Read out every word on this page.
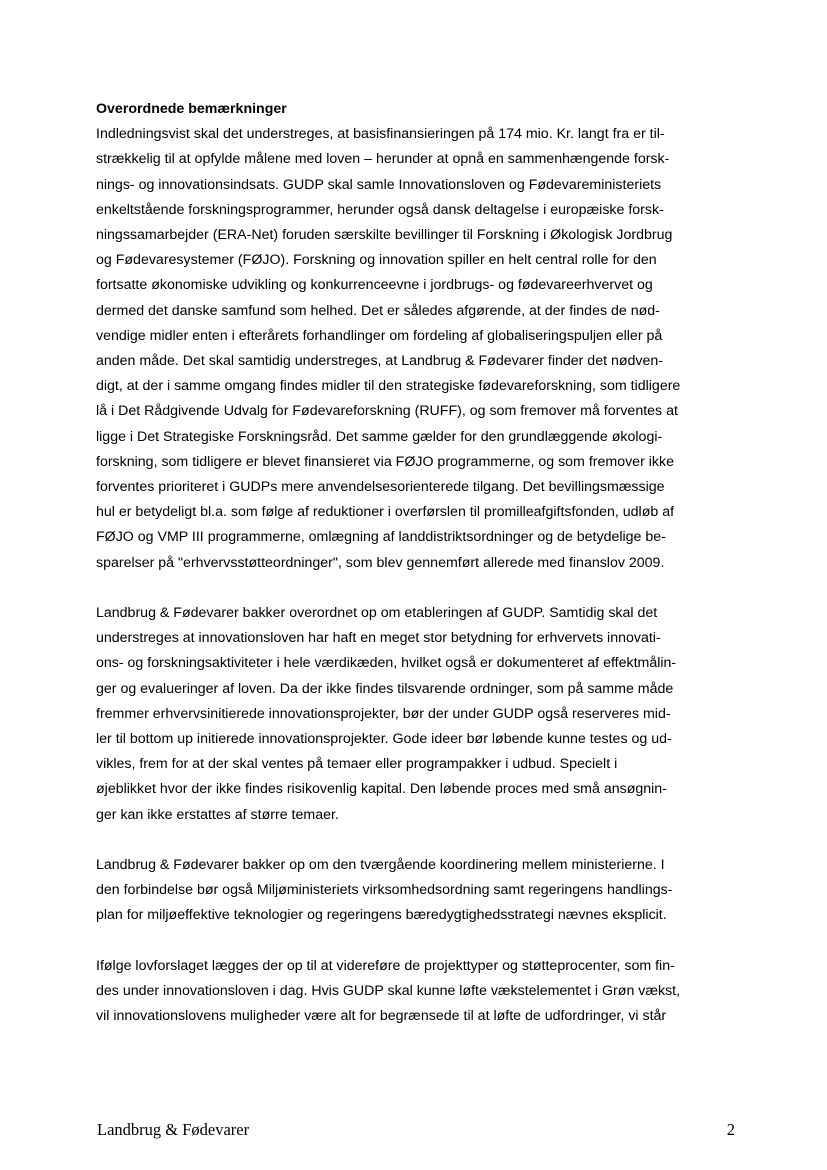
Overordnede bemærkninger
Indledningsvist skal det understreges, at basisfinansieringen på 174 mio. Kr. langt fra er til-
strækkelig til at opfylde målene med loven – herunder at opnå en sammenhængende forsk-
nings- og innovationsindsats. GUDP skal samle Innovationsloven og Fødevareministeriets
enkeltstående forskningsprogrammer, herunder også dansk deltagelse i europæiske forsk-
ningssamarbejder (ERA-Net) foruden særskilte bevillinger til Forskning i Økologisk Jordbrug
og Fødevaresystemer (FØJO). Forskning og innovation spiller en helt central rolle for den
fortsatte økonomiske udvikling og konkurrenceevne i jordbrugs- og fødevareerhvervet og
dermed det danske samfund som helhed. Det er således afgørende, at der findes de nød-
vendige midler enten i efterårets forhandlinger om fordeling af globaliseringspuljen eller på
anden måde. Det skal samtidig understreges, at Landbrug & Fødevarer finder det nødven-
digt, at der i samme omgang findes midler til den strategiske fødevareforskning, som tidligere
lå i Det Rådgivende Udvalg for Fødevareforskning (RUFF), og som fremover må forventes at
ligge i Det Strategiske Forskningsråd. Det samme gælder for den grundlæggende økologi-
forskning, som tidligere er blevet finansieret via FØJO programmerne, og som fremover ikke
forventes prioriteret i GUDPs mere anvendelsesorienterede tilgang. Det bevillingsmæssige
hul er betydeligt bl.a. som følge af reduktioner i overførslen til promilleafgiftsfonden, udløb af
FØJO og VMP III programmerne, omlægning af landdistriktsordninger og de betydelige be-
sparelser på "erhvervsstøtteordninger", som blev gennemført allerede med finanslov 2009.
Landbrug & Fødevarer bakker overordnet op om etableringen af GUDP. Samtidig skal det
understreges at innovationsloven har haft en meget stor betydning for erhvervets innovati-
ons- og forskningsaktiviteter i hele værdikæden, hvilket også er dokumenteret af effektmålin-
ger og evalueringer af loven. Da der ikke findes tilsvarende ordninger, som på samme måde
fremmer erhvervsinitierede innovationsprojekter, bør der under GUDP også reserveres mid-
ler til bottom up initierede innovationsprojekter. Gode ideer bør løbende kunne testes og ud-
vikles, frem for at der skal ventes på temaer eller programpakker i udbud. Specielt i
øjeblikket hvor der ikke findes risikovenlig kapital. Den løbende proces med små ansøgnin-
ger kan ikke erstattes af større temaer.
Landbrug & Fødevarer bakker op om den tværgående koordinering mellem ministerierne. I
den forbindelse bør også Miljøministeriets virksomhedsordning samt regeringens handlings-
plan for miljøeffektive teknologier og regeringens bæredygtighedsstrategi nævnes eksplicit.
Ifølge lovforslaget lægges der op til at videreføre de projekttyper og støtteprocenter, som fin-
des under innovationsloven i dag. Hvis GUDP skal kunne løfte vækstelementet i Grøn vækst,
vil innovationslovens muligheder være alt for begrænsede til at løfte de udfordringer, vi står
Landbrug & Fødevarer	2
